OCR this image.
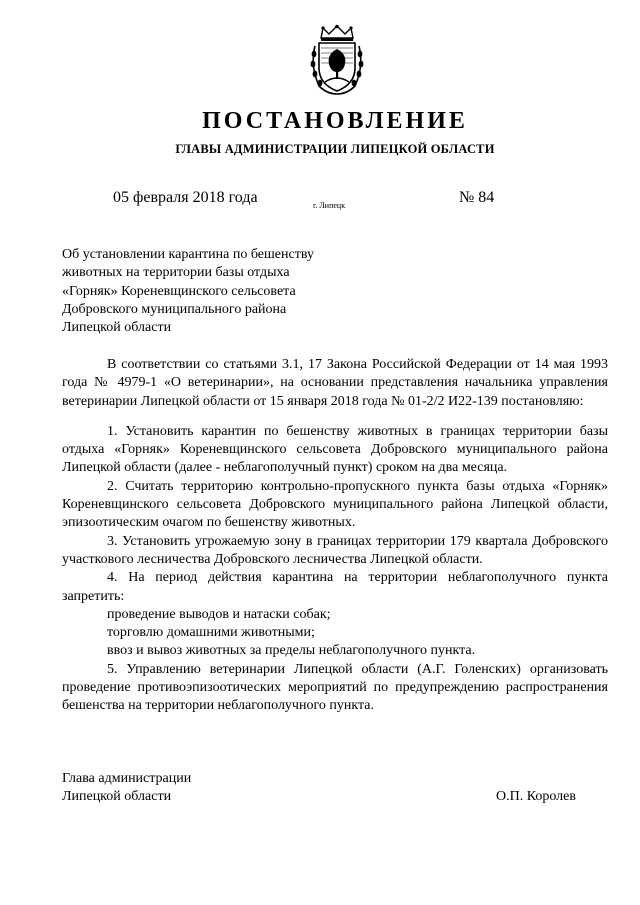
ПОСТАНОВЛЕНИЕ
ГЛАВЫ АДМИНИСТРАЦИИ ЛИПЕЦКОЙ ОБЛАСТИ
05 февраля 2018 года	г. Липецк	№ 84
Об установлении карантина по бешенству
животных на территории базы отдыха
«Горняк» Кореневщинского сельсовета
Добровского муниципального района
Липецкой области

В соответствии со статьями 3.1, 17 Закона Российской Федерации от 14 мая 1993 года № 4979-1 «О ветеринарии», на основании представления начальника управления ветеринарии Липецкой области от 15 января 2018 года № 01-2/2 И22-139 постановляю:

1. Установить карантин по бешенству животных в границах территории базы отдыха «Горняк» Кореневщинского сельсовета Добровского муниципального района Липецкой области (далее - неблагополучный пункт) сроком на два месяца.

2. Считать территорию контрольно-пропускного пункта базы отдыха «Горняк» Кореневщинского сельсовета Добровского муниципального района Липецкой области, эпизоотическим очагом по бешенству животных.

3. Установить угрожаемую зону в границах территории 179 квартала Добровского участкового лесничества Добровского лесничества Липецкой области.

4. На период действия карантина на территории неблагополучного пункта запретить:

проведение выводов и натаски собак;

торговлю домашними животными;

ввоз и вывоз животных за пределы неблагополучного пункта.

5. Управлению ветеринарии Липецкой области (А.Г. Голенских) организовать проведение противоэпизоотических мероприятий по предупреждению распространения бешенства на территории неблагополучного пункта.

Глава администрации
Липецкой области	О.П. Королев
